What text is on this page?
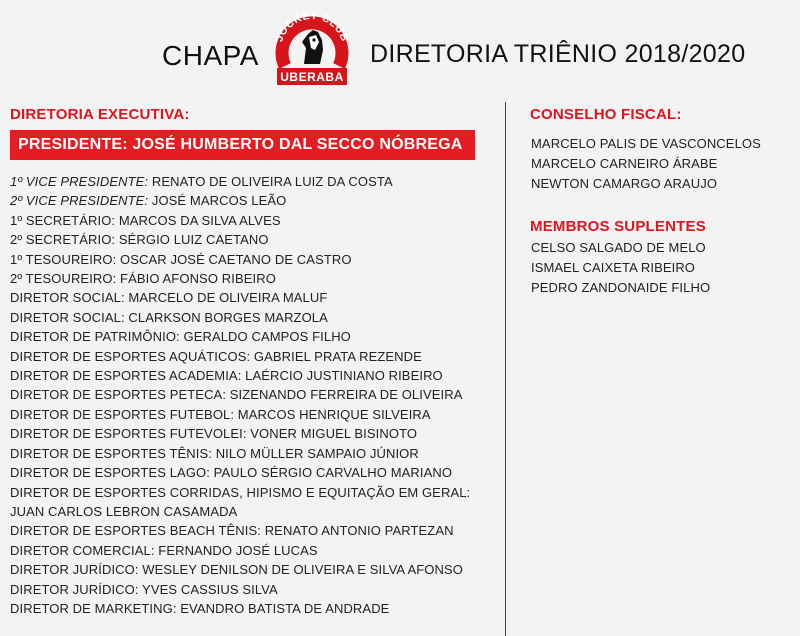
CHAPA
JOCKEY CLUB
UBERABA
DIRETORIA TRIÊNIO 2018/2020
DIRETORIA EXECUTIVA:
PRESIDENTE: JOSÉ HUMBERTO DAL SECCO NÓBREGA
1º VICE PRESIDENTE: RENATO DE OLIVEIRA LUIZ DA COSTA
2º VICE PRESIDENTE: JOSÉ MARCOS LEÃO
1º SECRETÁRIO: MARCOS DA SILVA ALVES
2º SECRETÁRIO: SÉRGIO LUIZ CAETANO
1º TESOUREIRO: OSCAR JOSÉ CAETANO DE CASTRO
2º TESOUREIRO: FÁBIO AFONSO RIBEIRO
DIRETOR SOCIAL: MARCELO DE OLIVEIRA MALUF
DIRETOR SOCIAL: CLARKSON BORGES MARZOLA
DIRETOR DE PATRIMÔNIO: GERALDO CAMPOS FILHO
DIRETOR DE ESPORTES AQUÁTICOS: GABRIEL PRATA REZENDE
DIRETOR DE ESPORTES ACADEMIA: LAÉRCIO JUSTINIANO RIBEIRO
DIRETOR DE ESPORTES PETECA: SIZENANDO FERREIRA DE OLIVEIRA
DIRETOR DE ESPORTES FUTEBOL: MARCOS HENRIQUE SILVEIRA
DIRETOR DE ESPORTES FUTEVOLEI: VONER MIGUEL BISINOTO
DIRETOR DE ESPORTES TÊNIS: NILO MÜLLER SAMPAIO JÚNIOR
DIRETOR DE ESPORTES LAGO: PAULO SÉRGIO CARVALHO MARIANO
DIRETOR DE ESPORTES CORRIDAS, HIPISMO E EQUITAÇÃO EM GERAL: JUAN CARLOS LEBRON CASAMADA
DIRETOR DE ESPORTES BEACH TÊNIS: RENATO ANTONIO PARTEZAN
DIRETOR COMERCIAL: FERNANDO JOSÉ LUCAS
DIRETOR JURÍDICO: WESLEY DENILSON DE OLIVEIRA E SILVA AFONSO
DIRETOR JURÍDICO: YVES CASSIUS SILVA
DIRETOR DE MARKETING: EVANDRO BATISTA DE ANDRADE
CONSELHO FISCAL:
MARCELO PALIS DE VASCONCELOS
MARCELO CARNEIRO ÁRABE
NEWTON CAMARGO ARAUJO
MEMBROS SUPLENTES
CELSO SALGADO DE MELO
ISMAEL CAIXETA RIBEIRO
PEDRO ZANDONAIDE FILHO
